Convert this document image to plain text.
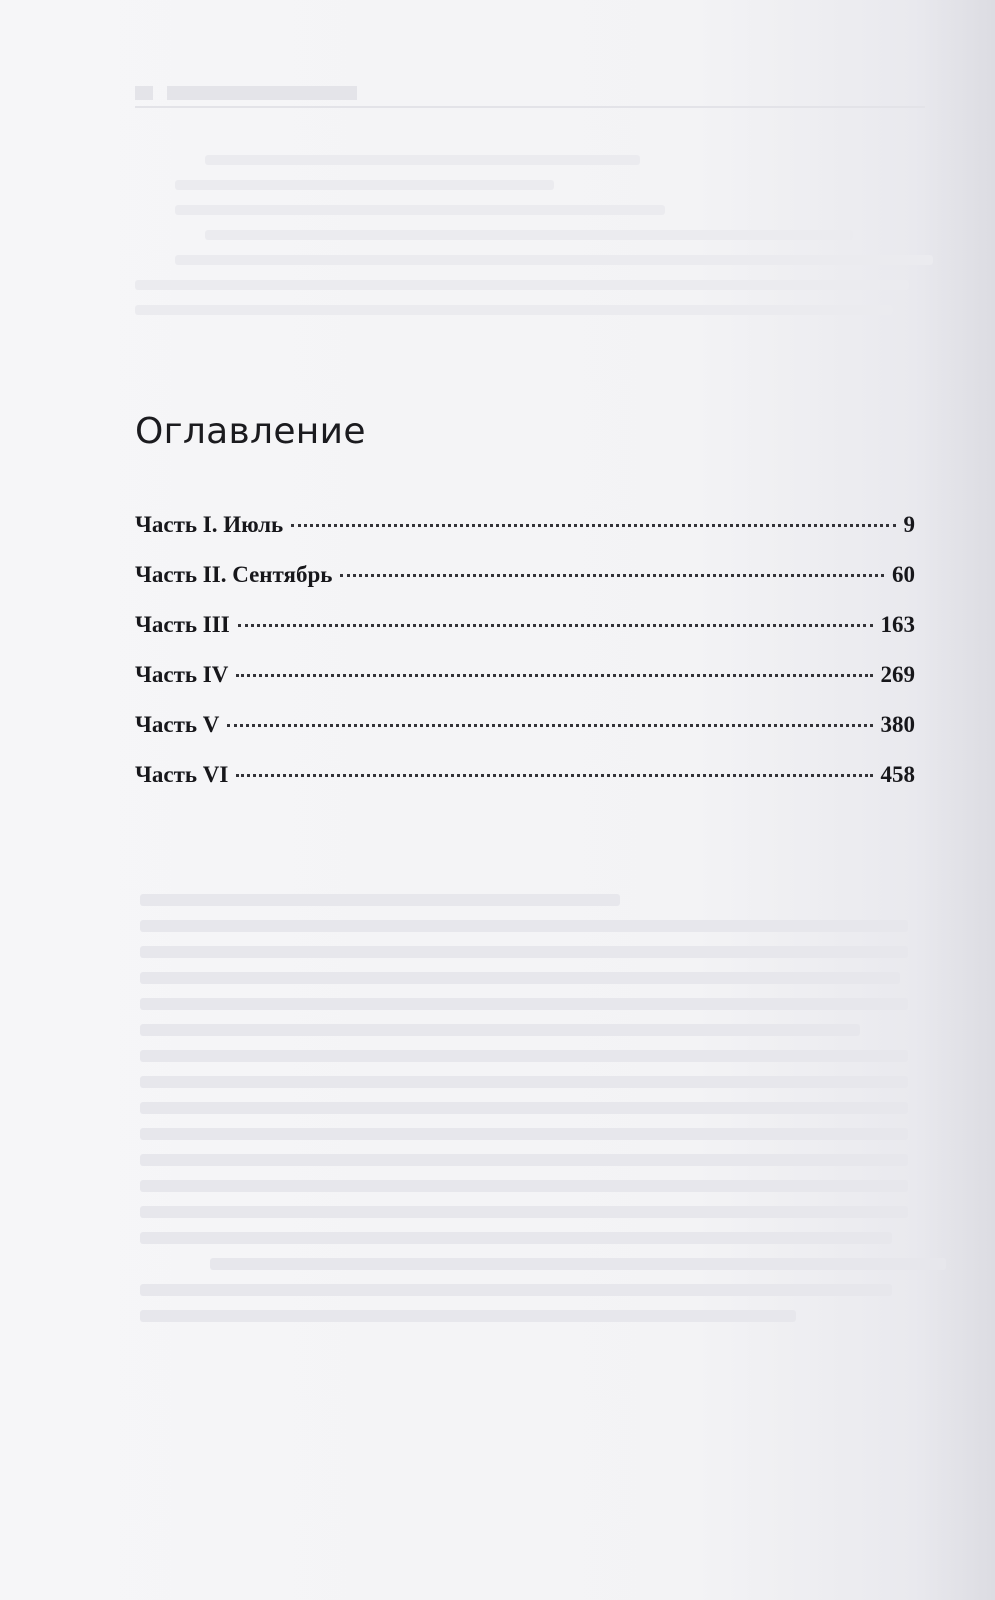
Оглавление
Часть I. Июль	9
Часть II. Сентябрь	60
Часть III	163
Часть IV	269
Часть V	380
Часть VI	458
